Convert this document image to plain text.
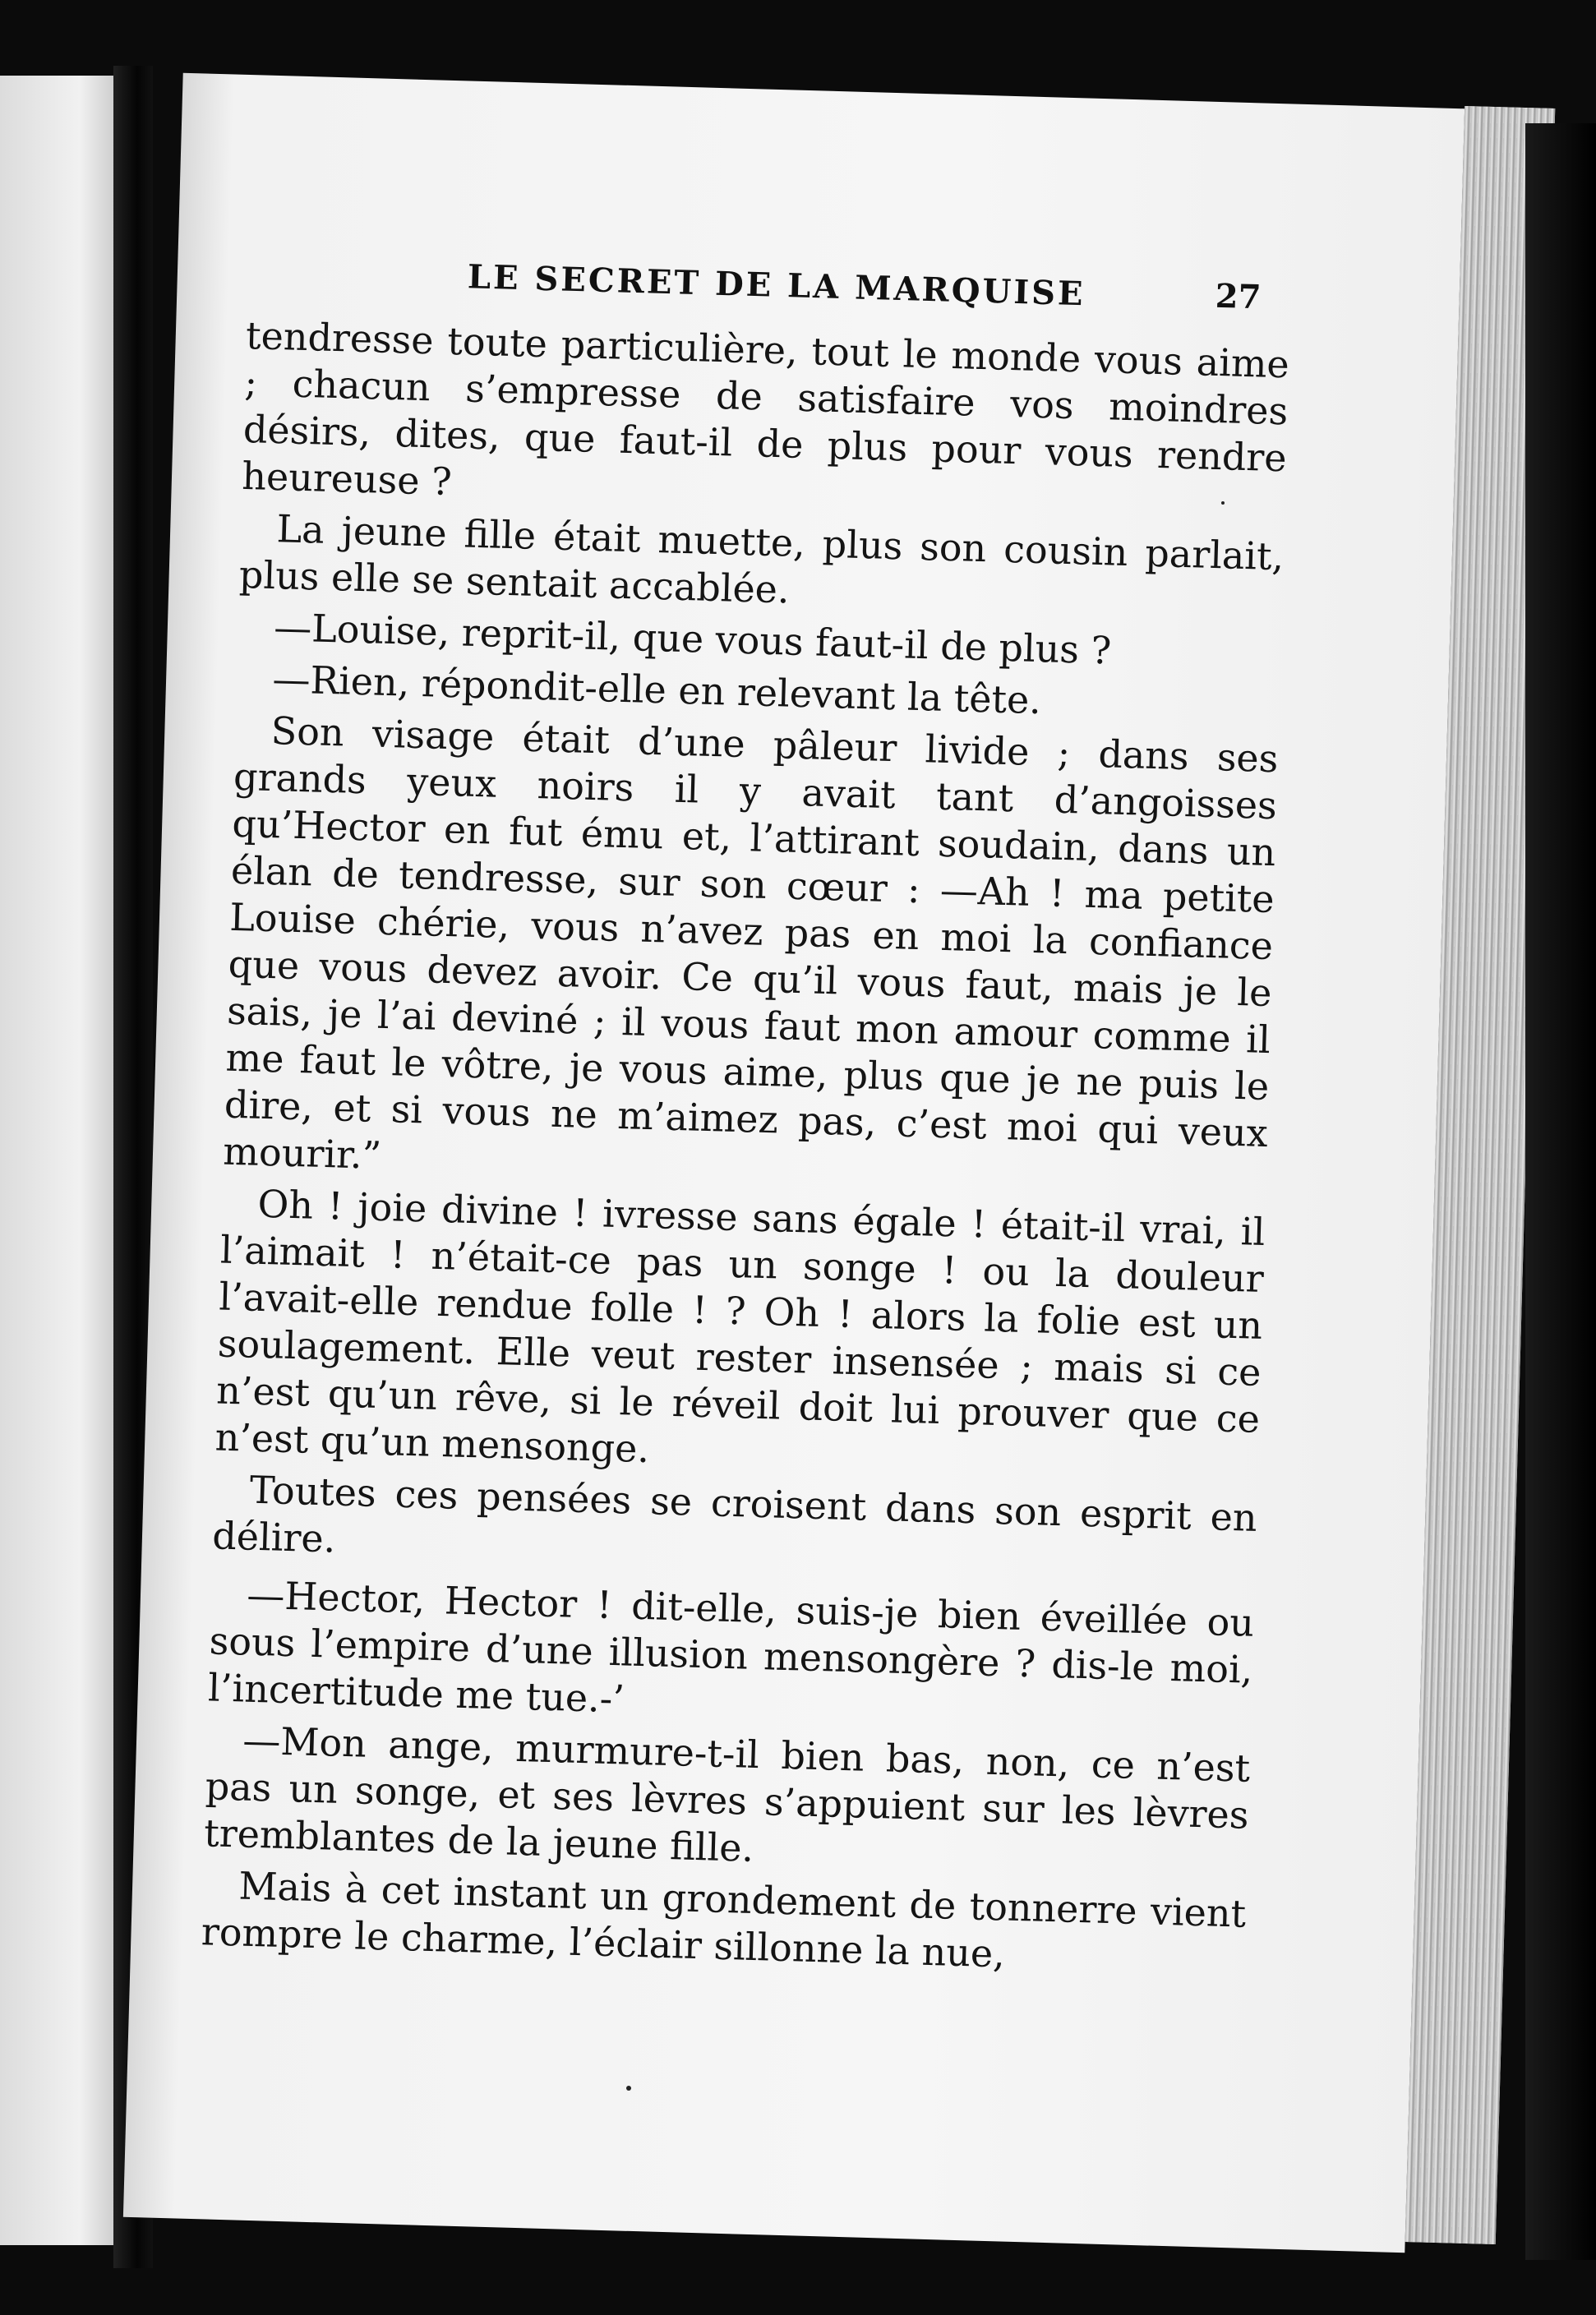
LE SECRET DE LA MARQUISE	27

tendresse toute particulière, tout le monde vous aime ; chacun s’empresse de satisfaire vos moindres désirs, dites, que faut-il de plus pour vous rendre heureuse ?

La jeune fille était muette, plus son cousin parlait, plus elle se sentait accablée.

—Louise, reprit-il, que vous faut-il de plus ?

—Rien, répondit-elle en relevant la tête.

Son visage était d’une pâleur livide ; dans ses grands yeux noirs il y avait tant d’angoisses qu’Hector en fut ému et, l’attirant soudain, dans un élan de tendresse, sur son cœur : —Ah ! ma petite Louise chérie, vous n’avez pas en moi la confiance que vous devez avoir. Ce qu’il vous faut, mais je le sais, je l’ai deviné ; il vous faut mon amour comme il me faut le vôtre, je vous aime, plus que je ne puis le dire, et si vous ne m’aimez pas, c’est moi qui veux mourir.”

Oh ! joie divine ! ivresse sans égale ! était-il vrai, il l’aimait ! n’était-ce pas un songe ! ou la douleur l’avait-elle rendue folle ! ? Oh ! alors la folie est un soulagement. Elle veut rester insensée ; mais si ce n’est qu’un rêve, si le réveil doit lui prouver que ce n’est qu’un mensonge.

Toutes ces pensées se croisent dans son esprit en délire.

—Hector, Hector ! dit-elle, suis-je bien éveillée ou sous l’empire d’une illusion mensongère ? dis-le moi, l’incertitude me tue.-’

—Mon ange, murmure-t-il bien bas, non, ce n’est pas un songe, et ses lèvres s’appuient sur les lèvres tremblantes de la jeune fille.

Mais à cet instant un grondement de tonnerre vient rompre le charme, l’éclair sillonne la nue,
